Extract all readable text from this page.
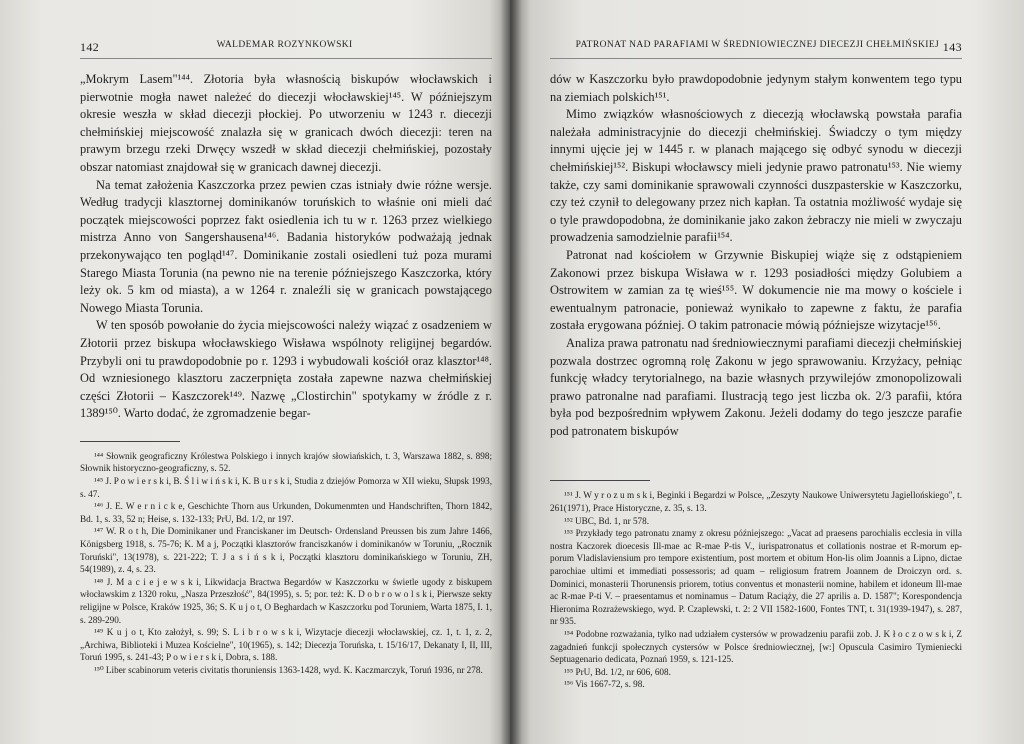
142	WALDEMAR ROZYNKOWSKI

„Mokrym Lasem"¹⁴⁴. Złotoria była własnością biskupów włocławskich i pierwotnie mogła nawet należeć do diecezji włocławskiej¹⁴⁵. W późniejszym okresie weszła w skład diecezji płockiej. Po utworzeniu w 1243 r. diecezji chełmińskiej miejscowość znalazła się w granicach dwóch diecezji: teren na prawym brzegu rzeki Drwęcy wszedł w skład diecezji chełmińskiej, pozostały obszar natomiast znajdował się w granicach dawnej diecezji.

Na temat założenia Kaszczorka przez pewien czas istniały dwie różne wersje. Według tradycji klasztornej dominikanów toruńskich to właśnie oni mieli dać początek miejscowości poprzez fakt osiedlenia ich tu w r. 1263 przez wielkiego mistrza Anno von Sangershausena¹⁴⁶. Badania historyków podważają jednak przekonywająco ten pogląd¹⁴⁷. Dominikanie zostali osiedleni tuż poza murami Starego Miasta Torunia (na pewno nie na terenie późniejszego Kaszczorka, który leży ok. 5 km od miasta), a w 1264 r. znaleźli się w granicach powstającego Nowego Miasta Torunia.

W ten sposób powołanie do życia miejscowości należy wiązać z osadzeniem w Złotorii przez biskupa włocławskiego Wisława wspólnoty religijnej begardów. Przybyli oni tu prawdopodobnie po r. 1293 i wybudowali kościół oraz klasztor¹⁴⁸. Od wzniesionego klasztoru zaczerpnięta została zapewne nazwa chełmińskiej części Złotorii – Kaszczorek¹⁴⁹. Nazwę „Clostirchin" spotykamy w źródle z r. 1389¹⁵⁰. Warto dodać, że zgromadzenie begar-

¹⁴⁴ Słownik geograficzny Królestwa Polskiego i innych krajów słowiańskich, t. 3, Warszawa 1882, s. 898; Słownik historyczno-geograficzny, s. 52.

¹⁴⁵ J. P o w i e r s k i, B. Ś l i w i ń s k i, K. B u r s k i, Studia z dziejów Pomorza w XII wieku, Słupsk 1993, s. 47.

¹⁴⁶ J. E. W e r n i c k e, Geschichte Thorn aus Urkunden, Dokumenmten und Handschriften, Thorn 1842, Bd. 1, s. 33, 52 n; Heise, s. 132-133; PrU, Bd. 1/2, nr 197.

¹⁴⁷ W. R o t h, Die Dominikaner und Franciskaner im Deutsch- Ordensland Preussen bis zum Jahre 1466, Königsberg 1918, s. 75-76; K. M a j, Początki klasztorów franciszkanów i dominikanów w Toruniu, „Rocznik Toruński", 13(1978), s. 221-222; T. J a s i ń s k i, Początki klasztoru dominikańskiego w Toruniu, ZH, 54(1989), z. 4, s. 23.

¹⁴⁸ J. M a c i e j e w s k i, Likwidacja Bractwa Begardów w Kaszczorku w świetle ugody z biskupem włocławskim z 1320 roku, „Nasza Przeszłość", 84(1995), s. 5; por. też: K. D o b r o w o l s k i, Pierwsze sekty religijne w Polsce, Kraków 1925, 36; S. K u j o t, O Beghardach w Kaszczorku pod Toruniem, Warta 1875, I. 1, s. 289-290.

¹⁴⁹ K u j o t, Kto założył, s. 99; S. L i b r o w s k i, Wizytacje diecezji włocławskiej, cz. 1, t. 1, z. 2, „Archiwa, Biblioteki i Muzea Kościelne", 10(1965), s. 142; Diecezja Toruńska, t. 15/16/17, Dekanaty I, II, III, Toruń 1995, s. 241-43; P o w i e r s k i, Dobra, s. 188.

¹⁵⁰ Liber scabinorum veteris civitatis thoruniensis 1363-1428, wyd. K. Kaczmarczyk, Toruń 1936, nr 278.

PATRONAT NAD PARAFIAMI W ŚREDNIOWIECZNEJ DIECEZJI CHEŁMIŃSKIEJ 143

dów w Kaszczorku było prawdopodobnie jedynym stałym konwentem tego typu na ziemiach polskich¹⁵¹.

Mimo związków własnościowych z diecezją włocławską powstała parafia należała administracyjnie do diecezji chełmińskiej. Świadczy o tym między innymi ujęcie jej w 1445 r. w planach mającego się odbyć synodu w diecezji chełmińskiej¹⁵². Biskupi włocławscy mieli jedynie prawo patronatu¹⁵³. Nie wiemy także, czy sami dominikanie sprawowali czynności duszpasterskie w Kaszczorku, czy też czynił to delegowany przez nich kapłan. Ta ostatnia możliwość wydaje się o tyle prawdopodobna, że dominikanie jako zakon żebraczy nie mieli w zwyczaju prowadzenia samodzielnie parafii¹⁵⁴.

Patronat nad kościołem w Grzywnie Biskupiej wiąże się z odstąpieniem Zakonowi przez biskupa Wisława w r. 1293 posiadłości między Golubiem a Ostrowitem w zamian za tę wieś¹⁵⁵. W dokumencie nie ma mowy o kościele i ewentualnym patronacie, ponieważ wynikało to zapewne z faktu, że parafia została erygowana później. O takim patronacie mówią późniejsze wizytacje¹⁵⁶.

Analiza prawa patronatu nad średniowiecznymi parafiami diecezji chełmińskiej pozwala dostrzec ogromną rolę Zakonu w jego sprawowaniu. Krzyżacy, pełniąc funkcję władcy terytorialnego, na bazie własnych przywilejów zmonopolizowali prawo patronalne nad parafiami. Ilustracją tego jest liczba ok. 2/3 parafii, która była pod bezpośrednim wpływem Zakonu. Jeżeli dodamy do tego jeszcze parafie pod patronatem biskupów

¹⁵¹ J. W y r o z u m s k i, Beginki i Begardzi w Polsce, „Zeszyty Naukowe Uniwersytetu Jagiellońskiego", t. 261(1971), Prace Historyczne, z. 35, s. 13.

¹⁵² UBC, Bd. 1, nr 578.

¹⁵³ Przykłady tego patronatu znamy z okresu późniejszego: „Vacat ad praesens parochialis ecclesia in villa nostra Kaczorek dioecesis Ill-mae ac R-mae P-tis V., iurispatronatus et collationis nostrae et R-morum ep-porum Vladislaviensium pro tempore existentium, post mortem et obitum Hon-lis olim Joannis a Lipno, dictae parochiae ultimi et immediati possessoris; ad quam – religiosum fratrem Joannem de Droiczyn ord. s. Dominici, monasterii Thorunensis priorem, totius conventus et monasterii nomine, habilem et idoneum Ill-mae ac R-mae P-ti V. – praesentamus et nominamus – Datum Raciąży, die 27 aprilis a. D. 1587"; Korespondencja Hieronima Rozrażewskiego, wyd. P. Czaplewski, t. 2: 2 VII 1582-1600, Fontes TNT, t. 31(1939-1947), s. 287, nr 935.

¹⁵⁴ Podobne rozważania, tylko nad udziałem cystersów w prowadzeniu parafii zob. J. K ł o c z o w s k i, Z zagadnień funkcji społecznych cystersów w Polsce średniowiecznej, [w:] Opuscula Casimiro Tymieniecki Septuagenario dedicata, Poznań 1959, s. 121-125.

¹⁵⁵ PrU, Bd. 1/2, nr 606, 608.

¹⁵⁶ Vis 1667-72, s. 98.
